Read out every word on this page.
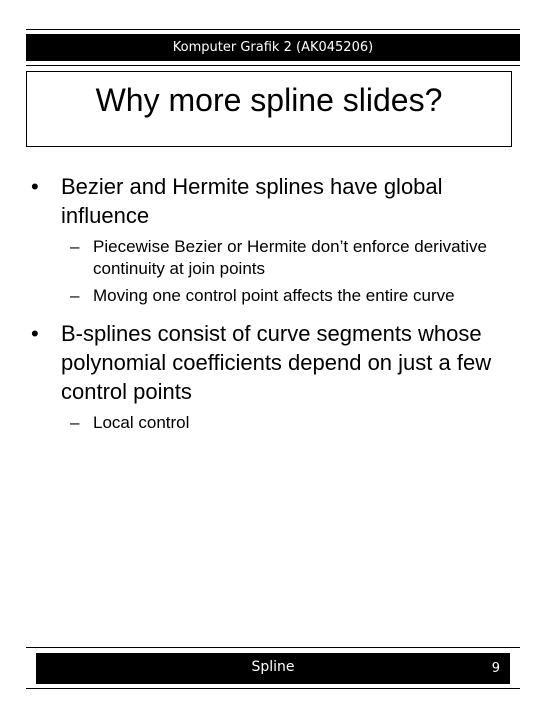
Komputer Grafik 2 (AK045206)
Why more spline slides?
• Bezier and Hermite splines have global influence
– Piecewise Bezier or Hermite don’t enforce derivative continuity at join points
– Moving one control point affects the entire curve
• B-splines consist of curve segments whose polynomial coefficients depend on just a few control points
– Local control
Spline	9
